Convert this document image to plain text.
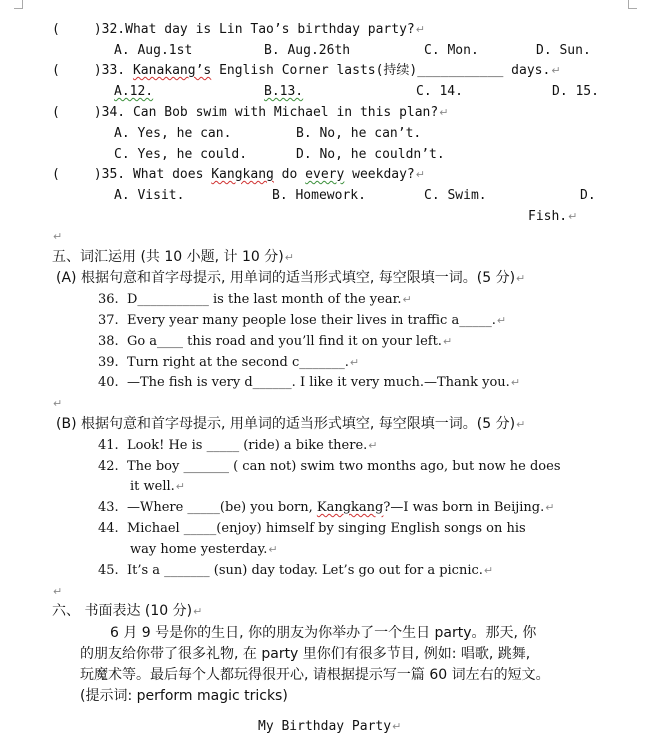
(	)32.What day is Lin Tao’s birthday party?↵
A. Aug.1st	B. Aug.26th	C. Mon.	D. Sun.
(	)33. Kanakang’s English Corner lasts(持续)___________ days.↵
A.12.	B.13.	C. 14.	D. 15.
(	)34. Can Bob swim with Michael in this plan?↵
A. Yes, he can.	B. No, he can’t.
C. Yes, he could.	D. No, he couldn’t.
(	)35. What does Kangkang do every weekday?↵
A. Visit.	B. Homework.	C. Swim.	D.
Fish.↵
↵
五、词汇运用 (共 10 小题, 计 10 分)↵
(A) 根据句意和首字母提示, 用单词的适当形式填空, 每空限填一词。(5 分)↵
36. D___________ is the last month of the year.↵
37. Every year many people lose their lives in traffic a_____.↵
38. Go a____ this road and you’ll find it on your left.↵
39. Turn right at the second c_______.↵
40. —The fish is very d______. I like it very much.—Thank you.↵
↵
(B) 根据句意和首字母提示, 用单词的适当形式填空, 每空限填一词。(5 分)↵
41. Look! He is _____ (ride) a bike there.↵
42. The boy _______ ( can not) swim two months ago, but now he does
it well.↵
43. —Where _____(be) you born, Kangkang?—I was born in Beijing.↵
44. Michael _____(enjoy) himself by singing English songs on his
way home yesterday.↵
45. It’s a _______ (sun) day today. Let’s go out for a picnic.↵
↵
六、 书面表达 (10 分)↵
6 月 9 号是你的生日, 你的朋友为你举办了一个生日 party。那天, 你
的朋友给你带了很多礼物, 在 party 里你们有很多节目, 例如: 唱歌, 跳舞,
玩魔术等。最后每个人都玩得很开心, 请根据提示写一篇 60 词左右的短文。
(提示词: perform magic tricks)
My Birthday Party↵
